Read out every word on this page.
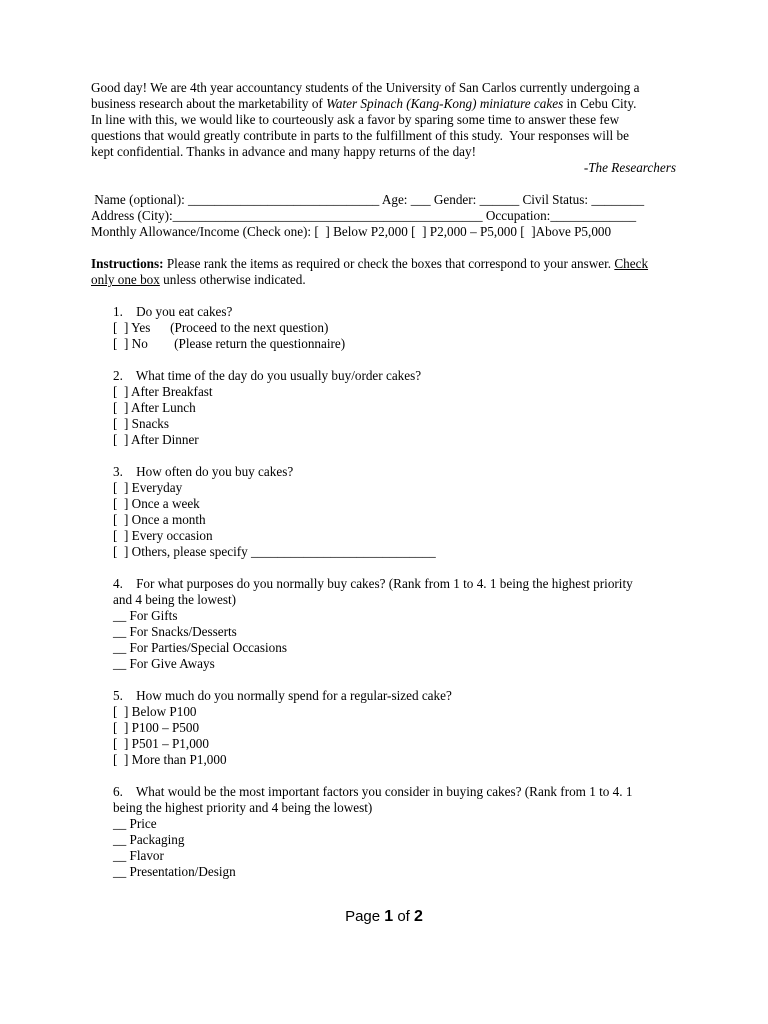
Good day! We are 4th year accountancy students of the University of San Carlos currently undergoing a
business research about the marketability of Water Spinach (Kang-Kong) miniature cakes in Cebu City.
In line with this, we would like to courteously ask a favor by sparing some time to answer these few
questions that would greatly contribute in parts to the fulfillment of this study.  Your responses will be
kept confidential. Thanks in advance and many happy returns of the day!
-The Researchers
Name (optional): _____________________________ Age: ___ Gender: ______ Civil Status: ________
Address (City):_______________________________________________ Occupation:_____________
Monthly Allowance/Income (Check one): [  ] Below P2,000 [  ] P2,000 – P5,000 [  ]Above P5,000
Instructions: Please rank the items as required or check the boxes that correspond to your answer. Check
only one box unless otherwise indicated.
1.    Do you eat cakes?
[  ] Yes      (Proceed to the next question)
[  ] No        (Please return the questionnaire)
2.    What time of the day do you usually buy/order cakes?
[  ] After Breakfast
[  ] After Lunch
[  ] Snacks
[  ] After Dinner
3.    How often do you buy cakes?
[  ] Everyday
[  ] Once a week
[  ] Once a month
[  ] Every occasion
[  ] Others, please specify ____________________________
4.    For what purposes do you normally buy cakes? (Rank from 1 to 4. 1 being the highest priority
and 4 being the lowest)
__ For Gifts
__ For Snacks/Desserts
__ For Parties/Special Occasions
__ For Give Aways
5.    How much do you normally spend for a regular-sized cake?
[  ] Below P100
[  ] P100 – P500
[  ] P501 – P1,000
[  ] More than P1,000
6.    What would be the most important factors you consider in buying cakes? (Rank from 1 to 4. 1
being the highest priority and 4 being the lowest)
__ Price
__ Packaging
__ Flavor
__ Presentation/Design
Page 1 of 2
